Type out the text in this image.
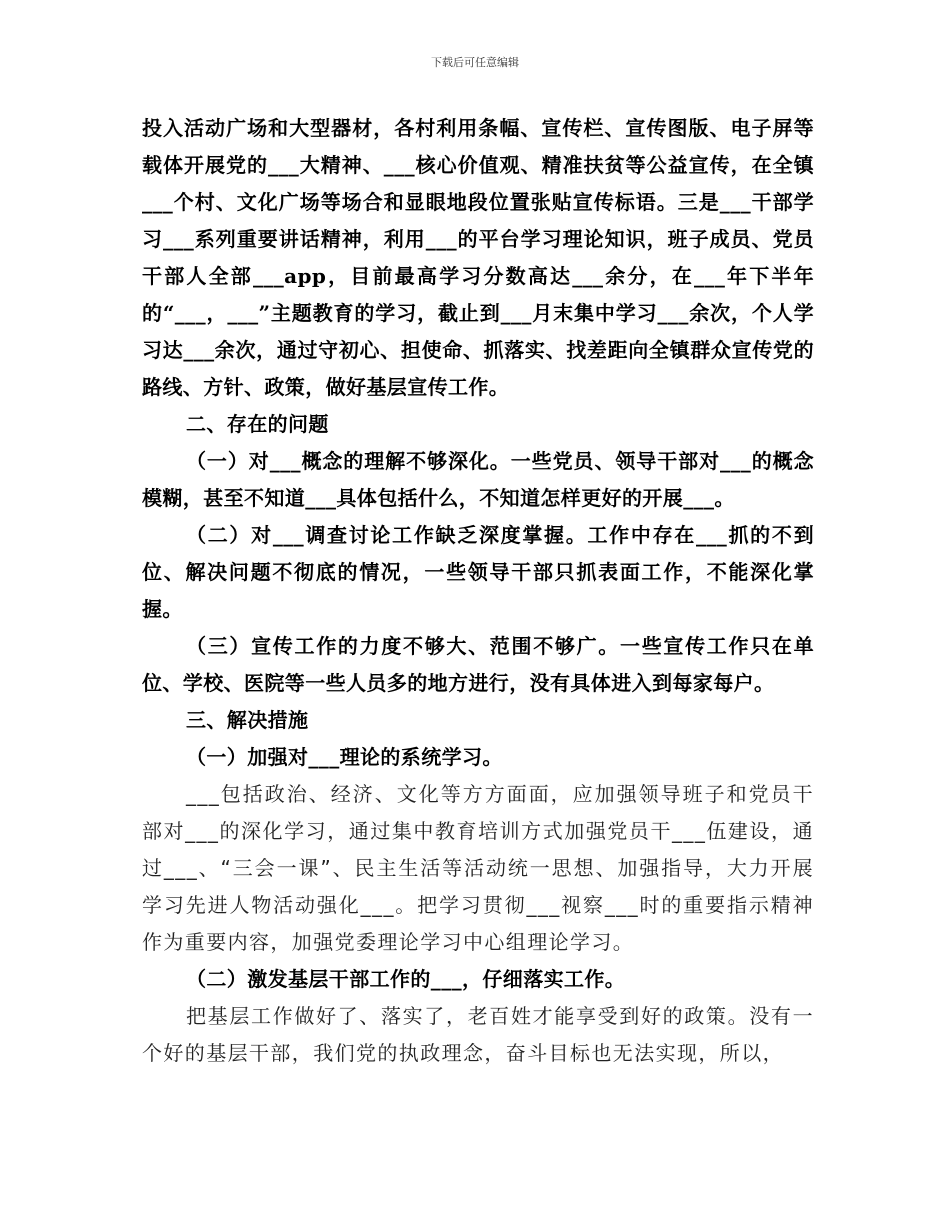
下载后可任意编辑

投入活动广场和大型器材，各村利用条幅、宣传栏、宣传图版、电子屏等载体开展党的___大精神、___核心价值观、精准扶贫等公益宣传，在全镇___个村、文化广场等场合和显眼地段位置张贴宣传标语。三是___干部学习___系列重要讲话精神，利用___的平台学习理论知识，班子成员、党员干部人全部___app，目前最高学习分数高达___余分，在___年下半年的“___，___”主题教育的学习，截止到___月末集中学习___余次，个人学习达___余次，通过守初心、担使命、抓落实、找差距向全镇群众宣传党的路线、方针、政策，做好基层宣传工作。

二、存在的问题

（一）对___概念的理解不够深化。一些党员、领导干部对___的概念模糊，甚至不知道___具体包括什么，不知道怎样更好的开展___。

（二）对___调查讨论工作缺乏深度掌握。工作中存在___抓的不到位、解决问题不彻底的情况，一些领导干部只抓表面工作，不能深化掌握。

（三）宣传工作的力度不够大、范围不够广。一些宣传工作只在单位、学校、医院等一些人员多的地方进行，没有具体进入到每家每户。

三、解决措施

（一）加强对___理论的系统学习。

___包括政治、经济、文化等方方面面，应加强领导班子和党员干部对___的深化学习，通过集中教育培训方式加强党员干___伍建设，通过___、“三会一课”、民主生活等活动统一思想、加强指导，大力开展学习先进人物活动强化___。把学习贯彻___视察___时的重要指示精神作为重要内容，加强党委理论学习中心组理论学习。

（二）激发基层干部工作的___，仔细落实工作。

把基层工作做好了、落实了，老百姓才能享受到好的政策。没有一个好的基层干部，我们党的执政理念，奋斗目标也无法实现，所以，
